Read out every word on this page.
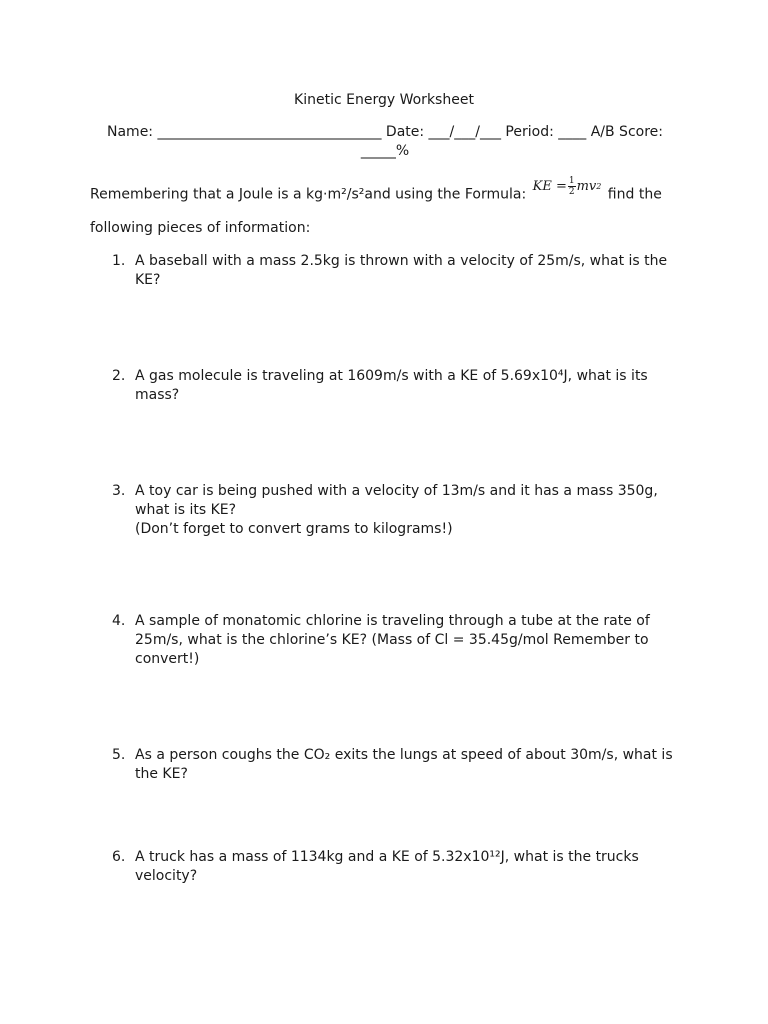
Kinetic Energy Worksheet
Name: ________________________________ Date: ___/___/___ Period: ____ A/B Score: _____%
Remembering that a Joule is a kg·m²/s²and using the Formula: KE = $\frac{1}{2}$ mv 2
find the following pieces of information:
1. A baseball with a mass 2.5kg is thrown with a velocity of 25m/s, what is the KE?
2. A gas molecule is traveling at 1609m/s with a KE of 5.69x10⁴J, what is its mass?
3. A toy car is being pushed with a velocity of 13m/s and it has a mass 350g, what is its KE?
(Don’t forget to convert grams to kilograms!)
4. A sample of monatomic chlorine is traveling through a tube at the rate of 25m/s, what is the chlorine’s KE? (Mass of Cl = 35.45g/mol Remember to convert!)
5. As a person coughs the CO₂ exits the lungs at speed of about 30m/s, what is the KE?
6. A truck has a mass of 1134kg and a KE of 5.32x10¹²J, what is the trucks velocity?
